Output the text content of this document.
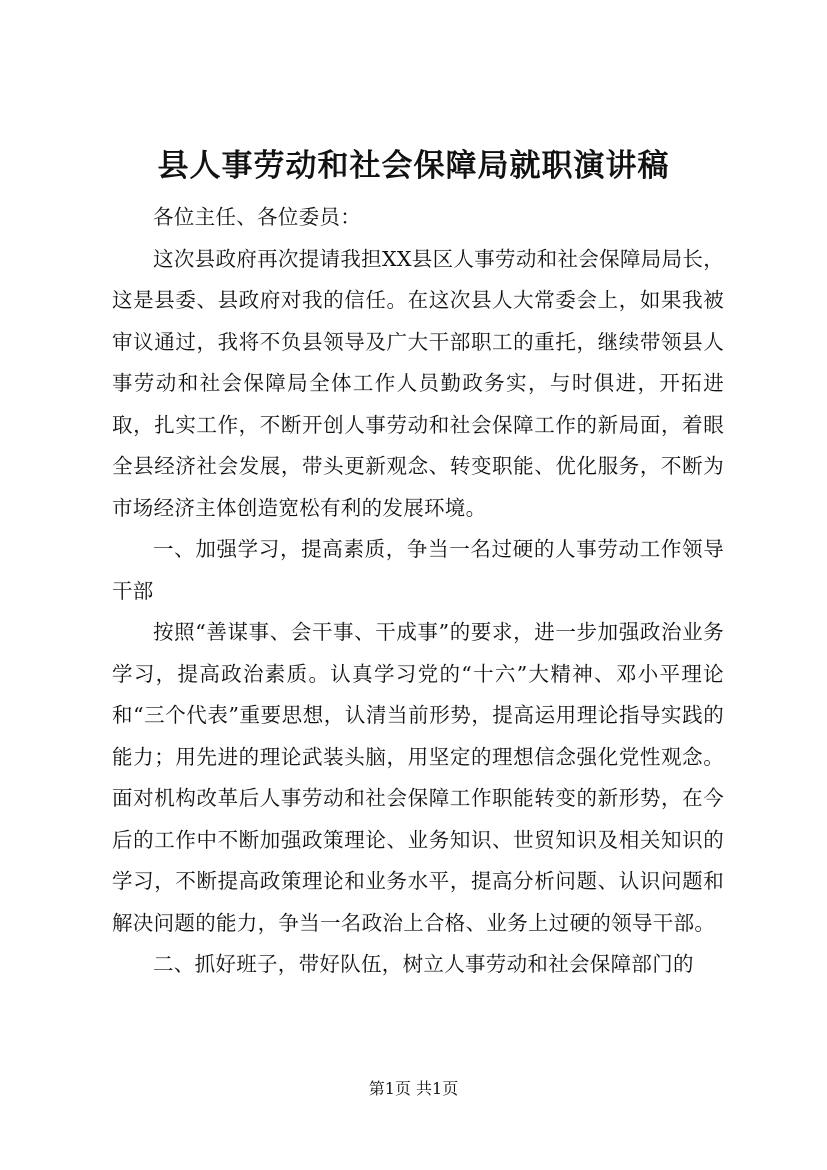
县人事劳动和社会保障局就职演讲稿

各位主任、各位委员：

这次县政府再次提请我担XX县区人事劳动和社会保障局局长，这是县委、县政府对我的信任。在这次县人大常委会上，如果我被审议通过，我将不负县领导及广大干部职工的重托，继续带领县人事劳动和社会保障局全体工作人员勤政务实，与时俱进，开拓进取，扎实工作，不断开创人事劳动和社会保障工作的新局面，着眼全县经济社会发展，带头更新观念、转变职能、优化服务，不断为市场经济主体创造宽松有利的发展环境。

一、加强学习，提高素质，争当一名过硬的人事劳动工作领导干部

按照“善谋事、会干事、干成事”的要求，进一步加强政治业务学习，提高政治素质。认真学习党的“十六”大精神、邓小平理论和“三个代表”重要思想，认清当前形势，提高运用理论指导实践的能力；用先进的理论武装头脑，用坚定的理想信念强化党性观念。面对机构改革后人事劳动和社会保障工作职能转变的新形势，在今后的工作中不断加强政策理论、业务知识、世贸知识及相关知识的学习，不断提高政策理论和业务水平，提高分析问题、认识问题和解决问题的能力，争当一名政治上合格、业务上过硬的领导干部。

二、抓好班子，带好队伍，树立人事劳动和社会保障部门的

第1页 共1页
